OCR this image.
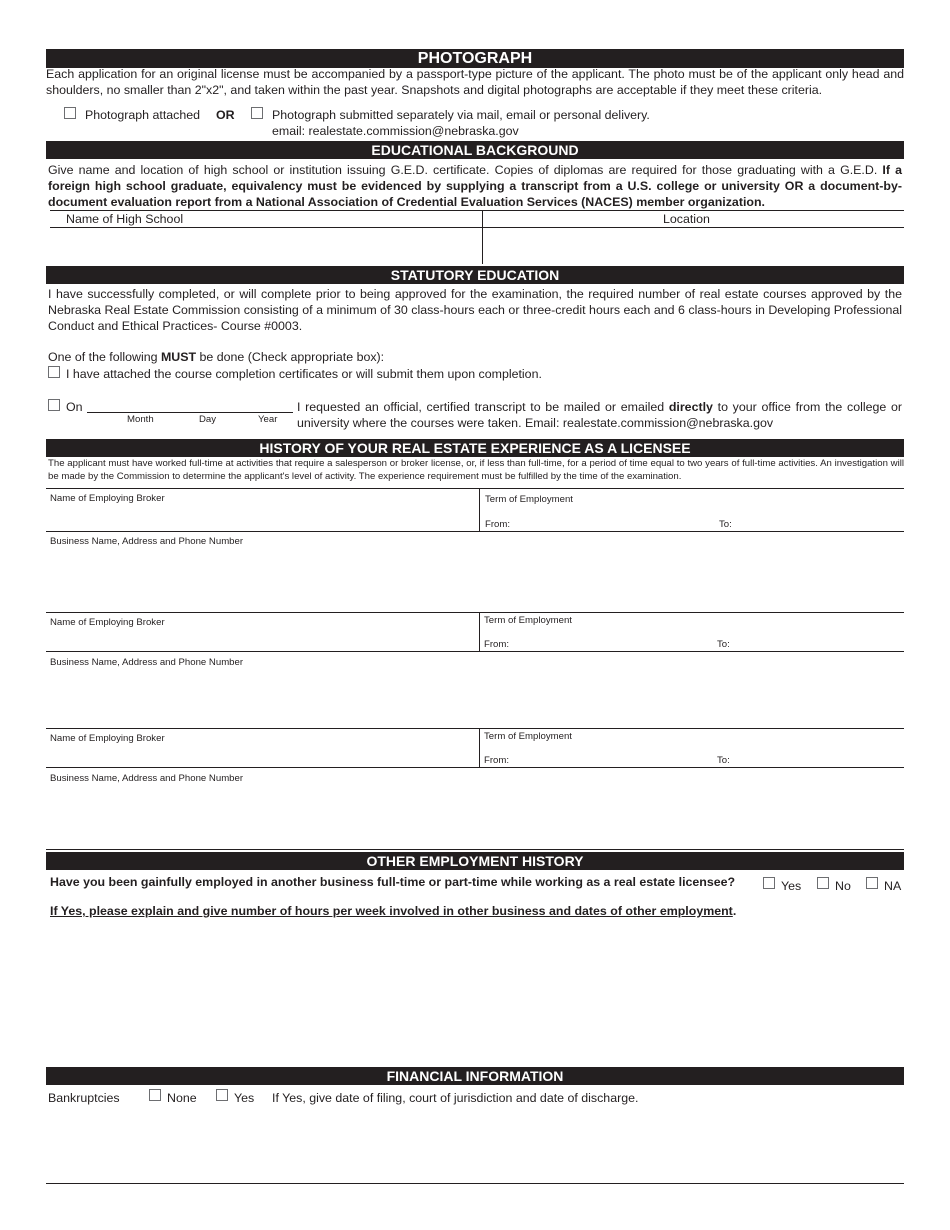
PHOTOGRAPH
Each application for an original license must be accompanied by a passport-type picture of the applicant. The photo must be of the applicant only head and shoulders, no smaller than 2"x2", and taken within the past year. Snapshots and digital photographs are acceptable if they meet these criteria.
Photograph attached OR	Photograph submitted separately via mail, email or personal delivery.
email: realestate.commission@nebraska.gov
EDUCATIONAL BACKGROUND
Give name and location of high school or institution issuing G.E.D. certificate. Copies of diplomas are required for those graduating with a G.E.D. If a foreign high school graduate, equivalency must be evidenced by supplying a transcript from a U.S. college or university OR a document-by-document evaluation report from a National Association of Credential Evaluation Services (NACES) member organization.
Name of High School	Location
STATUTORY EDUCATION
I have successfully completed, or will complete prior to being approved for the examination, the required number of real estate courses approved by the Nebraska Real Estate Commission consisting of a minimum of 30 class-hours each or three-credit hours each and 6 class-hours in Developing Professional Conduct and Ethical Practices- Course #0003.
One of the following MUST be done (Check appropriate box):
I have attached the course completion certificates or will submit them upon completion.
On
Month	Day	Year
I requested an official, certified transcript to be mailed or emailed directly to your office from the college or university where the courses were taken. Email: realestate.commission@nebraska.gov
HISTORY OF YOUR REAL ESTATE EXPERIENCE AS A LICENSEE
The applicant must have worked full-time at activities that require a salesperson or broker license, or, if less than full-time, for a period of time equal to two years of full-time activities. An investigation will be made by the Commission to determine the applicant's level of activity. The experience requirement must be fulfilled by the time of the examination.
Name of Employing Broker	Term of Employment
From:	To:
Business Name, Address and Phone Number
Name of Employing Broker	Term of Employment
From:	To:
Business Name, Address and Phone Number
Name of Employing Broker	Term of Employment
From:	To:
Business Name, Address and Phone Number
OTHER EMPLOYMENT HISTORY
Have you been gainfully employed in another business full-time or part-time while working as a real estate licensee?	Yes	No	NA
If Yes, please explain and give number of hours per week involved in other business and dates of other employment.
FINANCIAL INFORMATION
Bankruptcies	None	Yes If Yes, give date of filing, court of jurisdiction and date of discharge.
